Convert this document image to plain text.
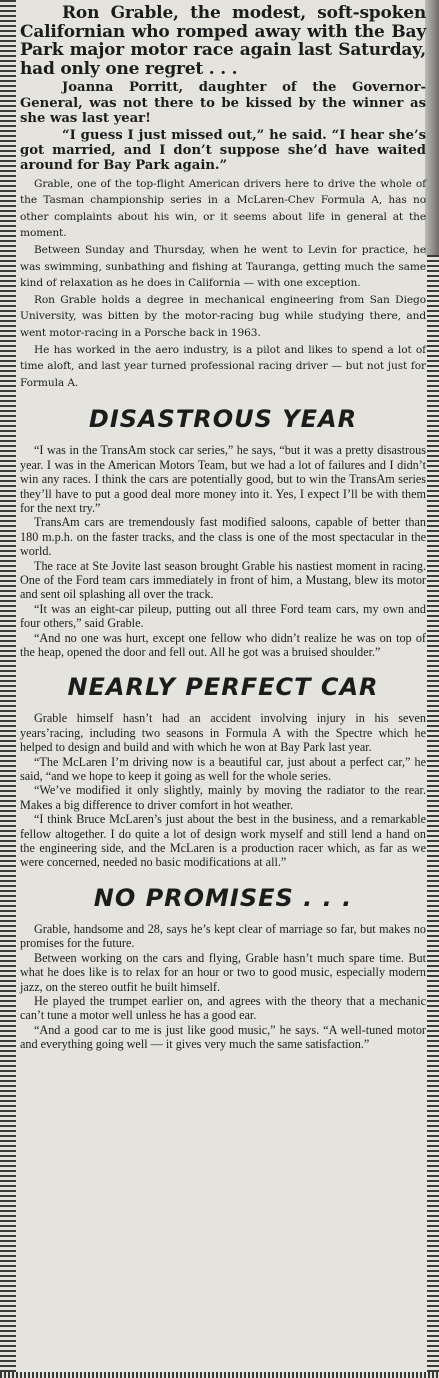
Ron Grable, the modest, soft-spoken Californian who romped away with the Bay Park major motor race again last Saturday, had only one regret . . .

Joanna Porritt, daughter of the Governor-General, was not there to be kissed by the winner as she was last year!

“I guess I just missed out,” he said. “I hear she’s got married, and I don’t suppose she’d have waited around for Bay Park again.”

Grable, one of the top-flight American drivers here to drive the whole of the Tasman championship series in a McLaren-Chev Formula A, has no other complaints about his win, or it seems about life in general at the moment.

Between Sunday and Thursday, when he went to Levin for practice, he was swimming, sunbathing and fishing at Tauranga, getting much the same kind of relaxation as he does in California — with one exception.

Ron Grable holds a degree in mechanical engineering from San Diego University, was bitten by the motor-racing bug while studying there, and went motor-racing in a Porsche back in 1963.

He has worked in the aero industry, is a pilot and likes to spend a lot of time aloft, and last year turned professional racing driver — but not just for Formula A.

DISASTROUS YEAR

“I was in the TransAm stock car series,” he says, “but it was a pretty disastrous year. I was in the American Motors Team, but we had a lot of failures and I didn’t win any races. I think the cars are potentially good, but to win the TransAm series they’ll have to put a good deal more money into it. Yes, I expect I’ll be with them for the next try.”

TransAm cars are tremendously fast modified saloons, capable of better than 180 m.p.h. on the faster tracks, and the class is one of the most spectacular in the world.

The race at Ste Jovite last season brought Grable his nastiest moment in racing. One of the Ford team cars immediately in front of him, a Mustang, blew its motor and sent oil splashing all over the track.

“It was an eight-car pileup, putting out all three Ford team cars, my own and four others,” said Grable.

“And no one was hurt, except one fellow who didn’t realize he was on top of the heap, opened the door and fell out. All he got was a bruised shoulder.”

NEARLY PERFECT CAR

Grable himself hasn’t had an accident involving injury in his seven years’racing, including two seasons in Formula A with the Spectre which he helped to design and build and with which he won at Bay Park last year.

“The McLaren I’m driving now is a beautiful car, just about a perfect car,” he said, “and we hope to keep it going as well for the whole series.

“We’ve modified it only slightly, mainly by moving the radiator to the rear. Makes a big difference to driver comfort in hot weather.

“I think Bruce McLaren’s just about the best in the business, and a remarkable fellow altogether. I do quite a lot of design work myself and still lend a hand on the engineering side, and the McLaren is a production racer which, as far as we were concerned, needed no basic modifications at all.”

NO PROMISES . . .

Grable, handsome and 28, says he’s kept clear of marriage so far, but makes no promises for the future.

Between working on the cars and flying, Grable hasn’t much spare time. But what he does like is to relax for an hour or two to good music, especially modern jazz, on the stereo outfit he built himself.

He played the trumpet earlier on, and agrees with the theory that a mechanic can’t tune a motor well unless he has a good ear.

“And a good car to me is just like good music,” he says. “A well-tuned motor and everything going well — it gives very much the same satisfaction.”
